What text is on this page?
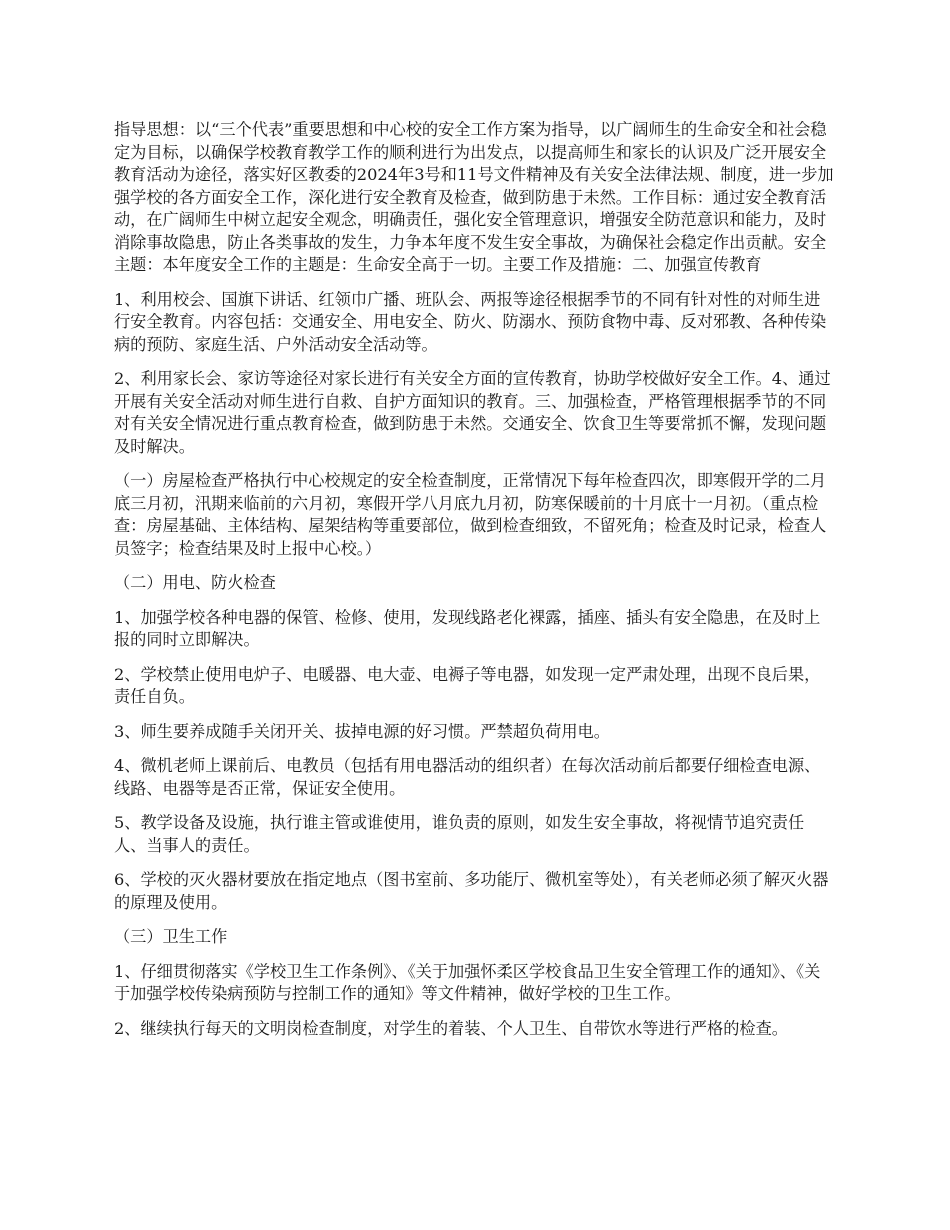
指导思想：以“三个代表”重要思想和中心校的安全工作方案为指导，以广阔师生的生命安全和社会稳定为目标，以确保学校教育教学工作的顺利进行为出发点，以提高师生和家长的认识及广泛开展安全教育活动为途径，落实好区教委的2024年3号和11号文件精神及有关安全法律法规、制度，进一步加强学校的各方面安全工作，深化进行安全教育及检查，做到防患于未然。工作目标：通过安全教育活动，在广阔师生中树立起安全观念，明确责任，强化安全管理意识，增强安全防范意识和能力，及时消除事故隐患，防止各类事故的发生，力争本年度不发生安全事故，为确保社会稳定作出贡献。安全主题：本年度安全工作的主题是：生命安全高于一切。主要工作及措施：二、加强宣传教育

1、利用校会、国旗下讲话、红领巾广播、班队会、两报等途径根据季节的不同有针对性的对师生进行安全教育。内容包括：交通安全、用电安全、防火、防溺水、预防食物中毒、反对邪教、各种传染病的预防、家庭生活、户外活动安全活动等。

2、利用家长会、家访等途径对家长进行有关安全方面的宣传教育，协助学校做好安全工作。4、通过开展有关安全活动对师生进行自救、自护方面知识的教育。三、加强检查，严格管理根据季节的不同对有关安全情况进行重点教育检查，做到防患于未然。交通安全、饮食卫生等要常抓不懈，发现问题及时解决。

（一）房屋检查严格执行中心校规定的安全检查制度，正常情况下每年检查四次，即寒假开学的二月底三月初，汛期来临前的六月初，寒假开学八月底九月初，防寒保暖前的十月底十一月初。（重点检查：房屋基础、主体结构、屋架结构等重要部位，做到检查细致，不留死角；检查及时记录，检查人员签字；检查结果及时上报中心校。）

（二）用电、防火检查

1、加强学校各种电器的保管、检修、使用，发现线路老化裸露，插座、插头有安全隐患，在及时上报的同时立即解决。

2、学校禁止使用电炉子、电暖器、电大壶、电褥子等电器，如发现一定严肃处理，出现不良后果，责任自负。

3、师生要养成随手关闭开关、拔掉电源的好习惯。严禁超负荷用电。

4、微机老师上课前后、电教员（包括有用电器活动的组织者）在每次活动前后都要仔细检查电源、线路、电器等是否正常，保证安全使用。

5、教学设备及设施，执行谁主管或谁使用，谁负责的原则，如发生安全事故，将视情节追究责任人、当事人的责任。

6、学校的灭火器材要放在指定地点（图书室前、多功能厅、微机室等处），有关老师必须了解灭火器的原理及使用。

（三）卫生工作

1、仔细贯彻落实《学校卫生工作条例》、《关于加强怀柔区学校食品卫生安全管理工作的通知》、《关于加强学校传染病预防与控制工作的通知》等文件精神，做好学校的卫生工作。

2、继续执行每天的文明岗检查制度，对学生的着装、个人卫生、自带饮水等进行严格的检查。
